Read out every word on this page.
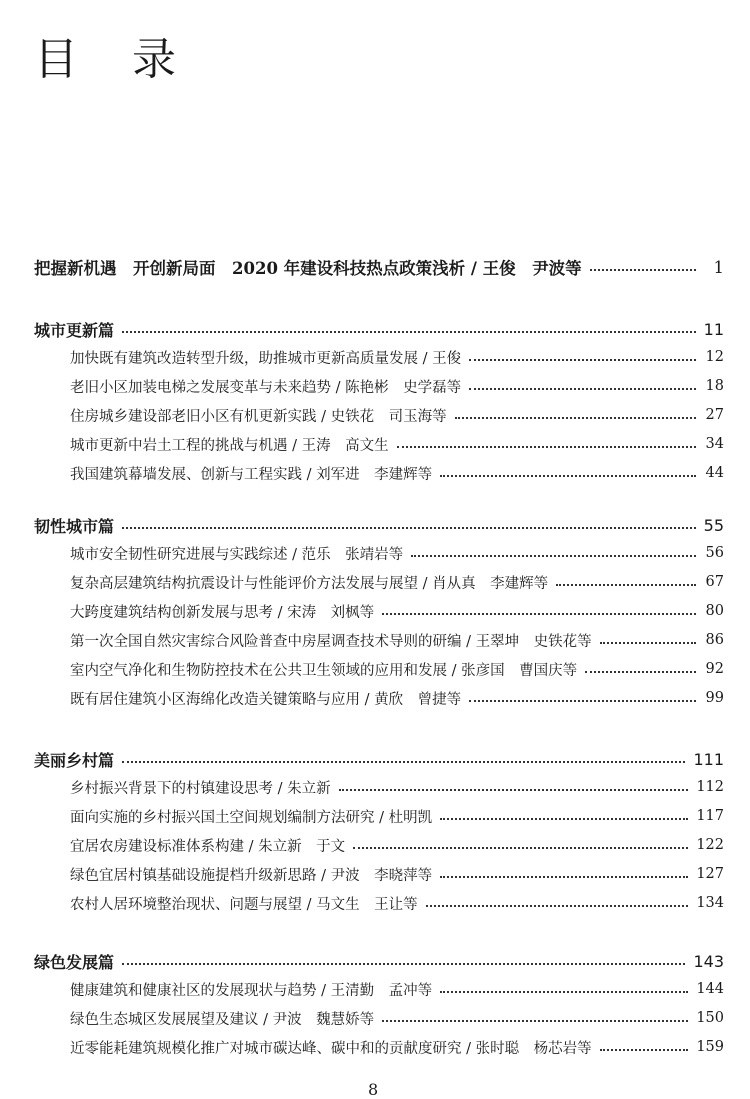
目 录
把握新机遇　开创新局面　2020 年建设科技热点政策浅析 / 王俊　尹波等	1
城市更新篇	11
加快既有建筑改造转型升级，助推城市更新高质量发展 / 王俊	12
老旧小区加装电梯之发展变革与未来趋势 / 陈艳彬　史学磊等	18
住房城乡建设部老旧小区有机更新实践 / 史铁花　司玉海等	27
城市更新中岩土工程的挑战与机遇 / 王涛　高文生	34
我国建筑幕墙发展、创新与工程实践 / 刘军进　李建辉等	44
韧性城市篇	55
城市安全韧性研究进展与实践综述 / 范乐　张靖岩等	56
复杂高层建筑结构抗震设计与性能评价方法发展与展望 / 肖从真　李建辉等	67
大跨度建筑结构创新发展与思考 / 宋涛　刘枫等	80
第一次全国自然灾害综合风险普查中房屋调查技术导则的研编 / 王翠坤　史铁花等	86
室内空气净化和生物防控技术在公共卫生领域的应用和发展 / 张彦国　曹国庆等	92
既有居住建筑小区海绵化改造关键策略与应用 / 黄欣　曾捷等	99
美丽乡村篇	111
乡村振兴背景下的村镇建设思考 / 朱立新	112
面向实施的乡村振兴国土空间规划编制方法研究 / 杜明凯	117
宜居农房建设标准体系构建 / 朱立新　于文	122
绿色宜居村镇基础设施提档升级新思路 / 尹波　李晓萍等	127
农村人居环境整治现状、问题与展望 / 马文生　王让等	134
绿色发展篇	143
健康建筑和健康社区的发展现状与趋势 / 王清勤　孟冲等	144
绿色生态城区发展展望及建议 / 尹波　魏慧娇等	150
近零能耗建筑规模化推广对城市碳达峰、碳中和的贡献度研究 / 张时聪　杨芯岩等	159
8
